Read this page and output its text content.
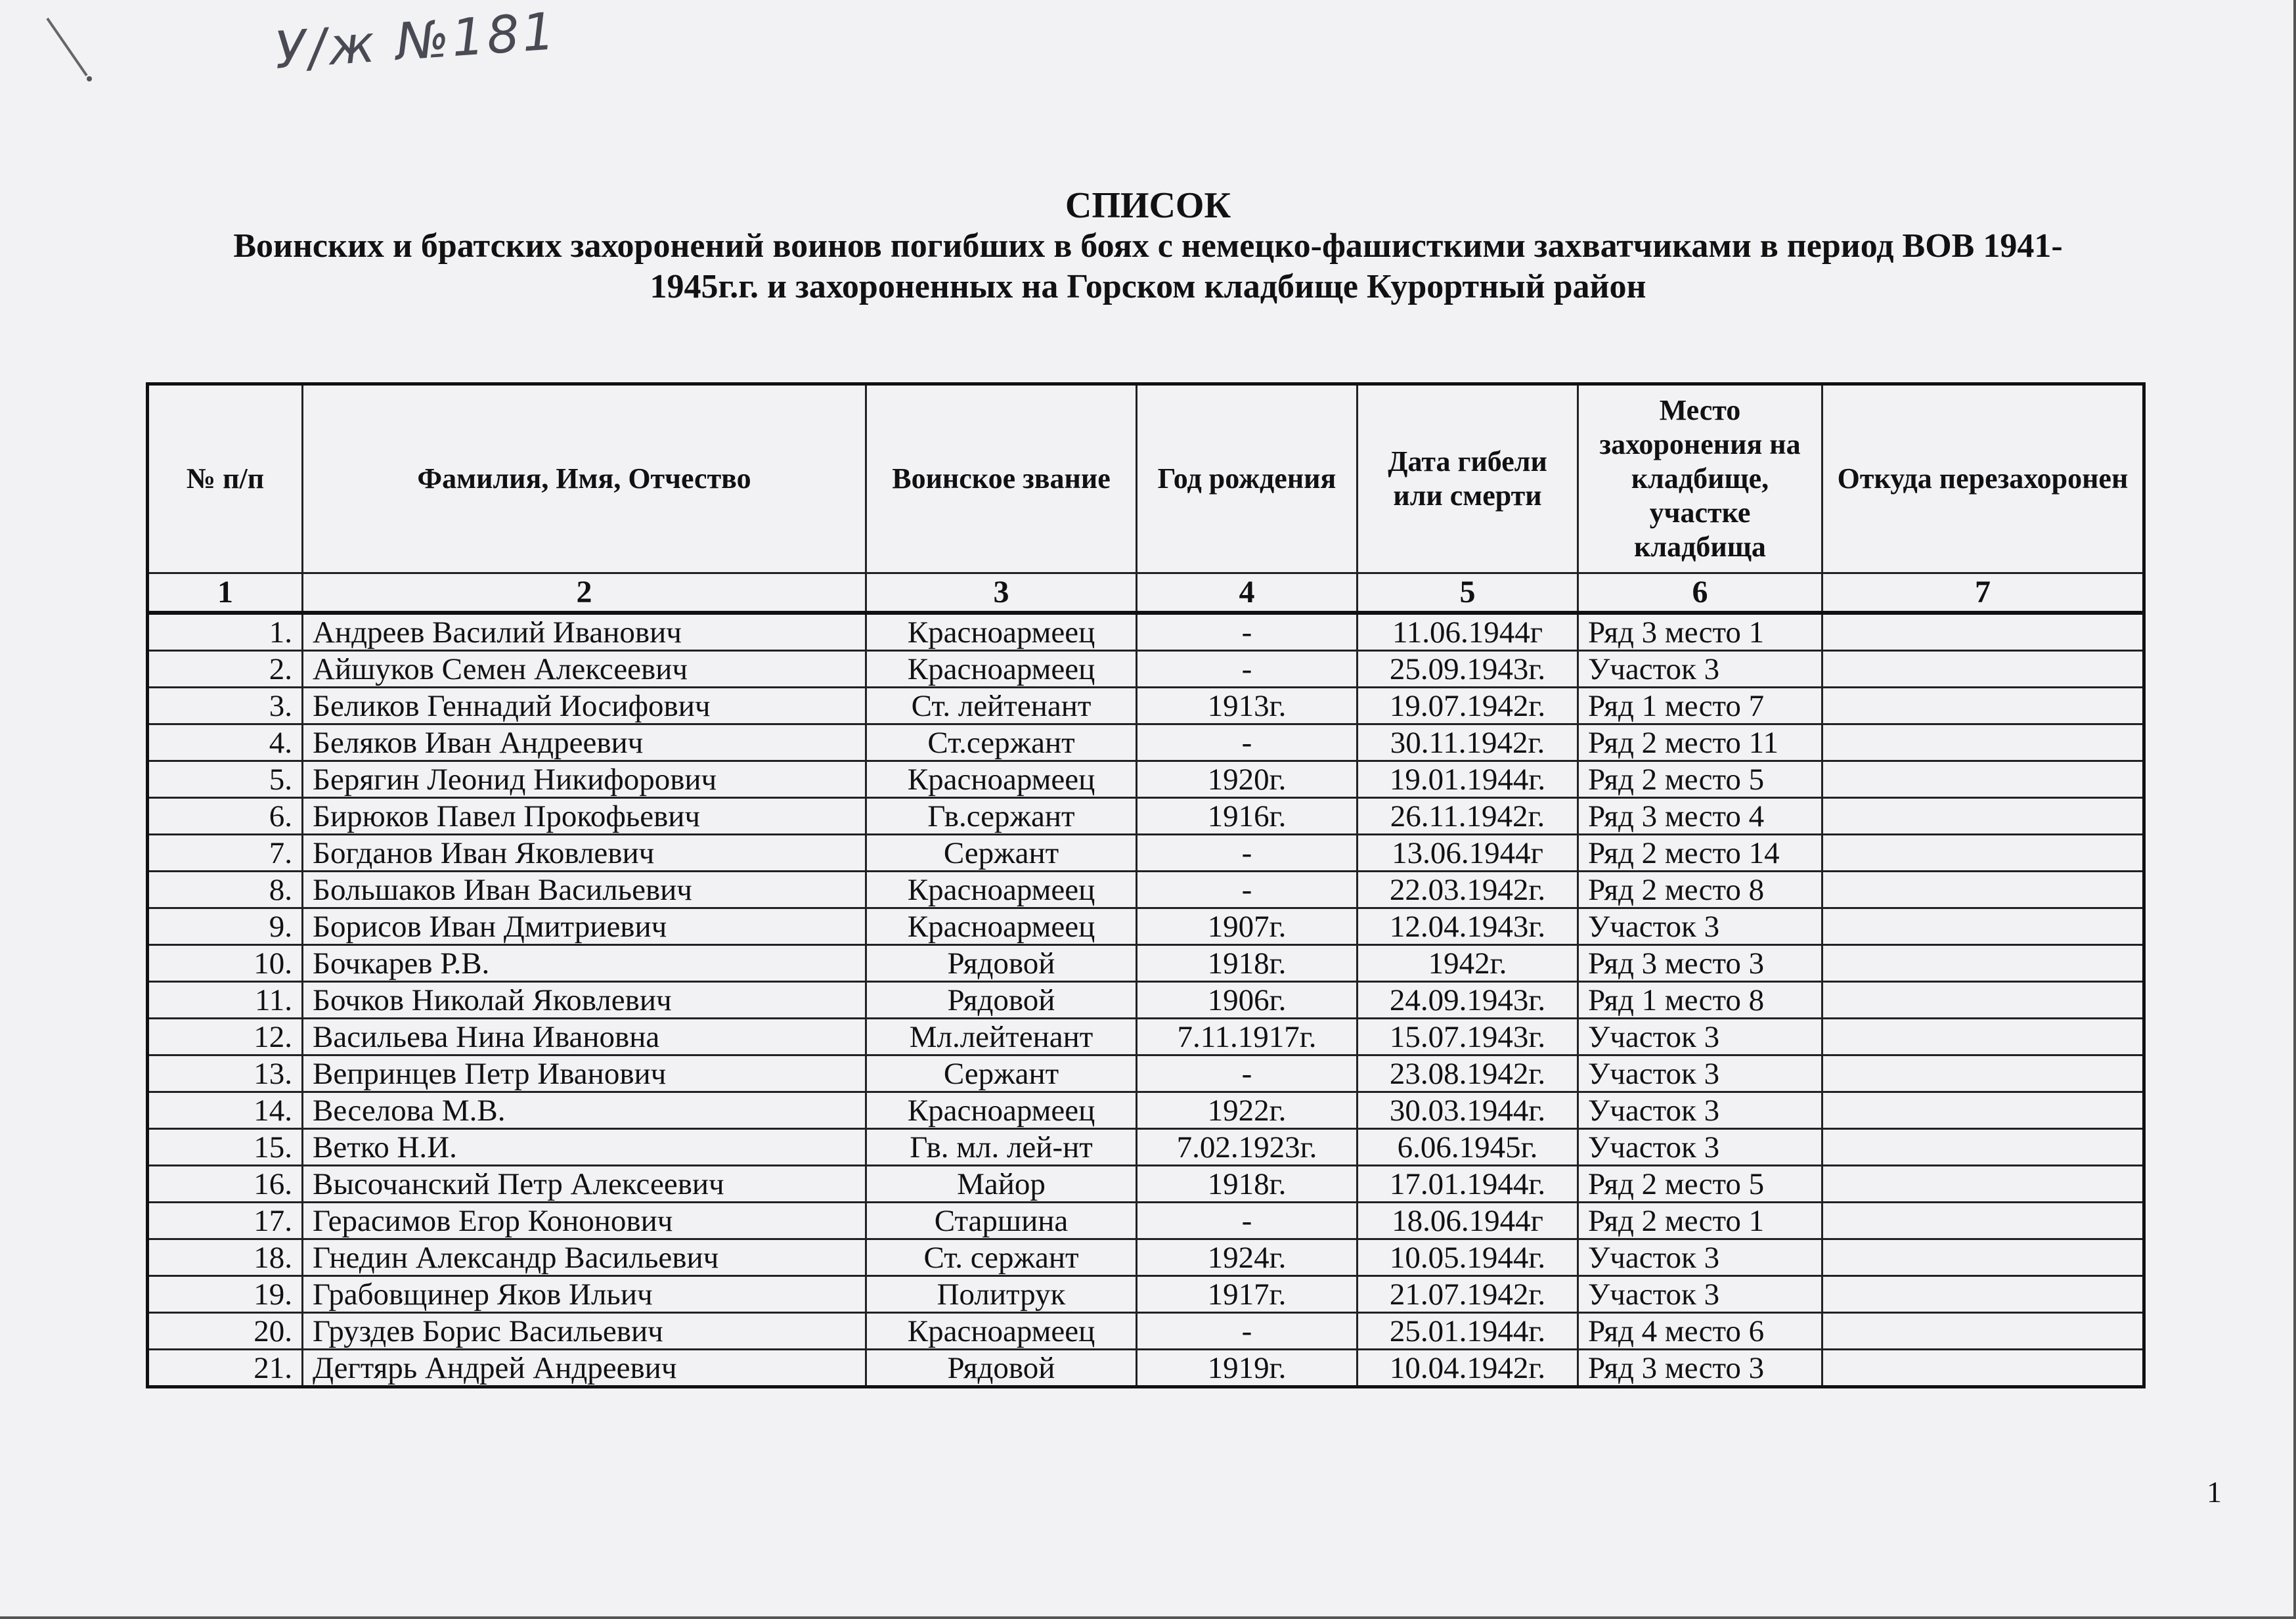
У/ж №181
СПИСОК
Воинских и братских захоронений воинов погибших в боях с немецко-фашисткими захватчиками в период ВОВ 1941-
1945г.г. и захороненных на Горском кладбище Курортный район
№ п/п	Фамилия, Имя, Отчество	Воинское звание	Год рождения	Дата гибели или смерти	Место захоронения на кладбище, участке кладбища	Откуда перезахоронен
1	2	3	4	5	6	7
1.	Андреев Василий Иванович	Красноармеец	-	11.06.1944г	Ряд 3 место 1	
2.	Айшуков Семен Алексеевич	Красноармеец	-	25.09.1943г.	Участок 3	
3.	Беликов Геннадий Иосифович	Ст. лейтенант	1913г.	19.07.1942г.	Ряд 1 место 7	
4.	Беляков Иван Андреевич	Ст.сержант	-	30.11.1942г.	Ряд 2 место 11	
5.	Берягин Леонид Никифорович	Красноармеец	1920г.	19.01.1944г.	Ряд 2 место 5	
6.	Бирюков Павел Прокофьевич	Гв.сержант	1916г.	26.11.1942г.	Ряд 3 место 4	
7.	Богданов Иван Яковлевич	Сержант	-	13.06.1944г	Ряд 2 место 14	
8.	Большаков Иван Васильевич	Красноармеец	-	22.03.1942г.	Ряд 2 место 8	
9.	Борисов Иван Дмитриевич	Красноармеец	1907г.	12.04.1943г.	Участок 3	
10.	Бочкарев Р.В.	Рядовой	1918г.	1942г.	Ряд 3 место 3	
11.	Бочков Николай Яковлевич	Рядовой	1906г.	24.09.1943г.	Ряд 1 место 8	
12.	Васильева Нина Ивановна	Мл.лейтенант	7.11.1917г.	15.07.1943г.	Участок 3	
13.	Вепринцев Петр Иванович	Сержант	-	23.08.1942г.	Участок 3	
14.	Веселова М.В.	Красноармеец	1922г.	30.03.1944г.	Участок 3	
15.	Ветко Н.И.	Гв. мл. лей-нт	7.02.1923г.	6.06.1945г.	Участок 3	
16.	Высочанский Петр Алексеевич	Майор	1918г.	17.01.1944г.	Ряд 2 место 5	
17.	Герасимов Егор Кононович	Старшина	-	18.06.1944г	Ряд 2 место 1	
18.	Гнедин Александр Васильевич	Ст. сержант	1924г.	10.05.1944г.	Участок 3	
19.	Грабовщинер Яков Ильич	Политрук	1917г.	21.07.1942г.	Участок 3	
20.	Груздев Борис Васильевич	Красноармеец	-	25.01.1944г.	Ряд 4 место 6	
21.	Дегтярь Андрей Андреевич	Рядовой	1919г.	10.04.1942г.	Ряд 3 место 3	
1
